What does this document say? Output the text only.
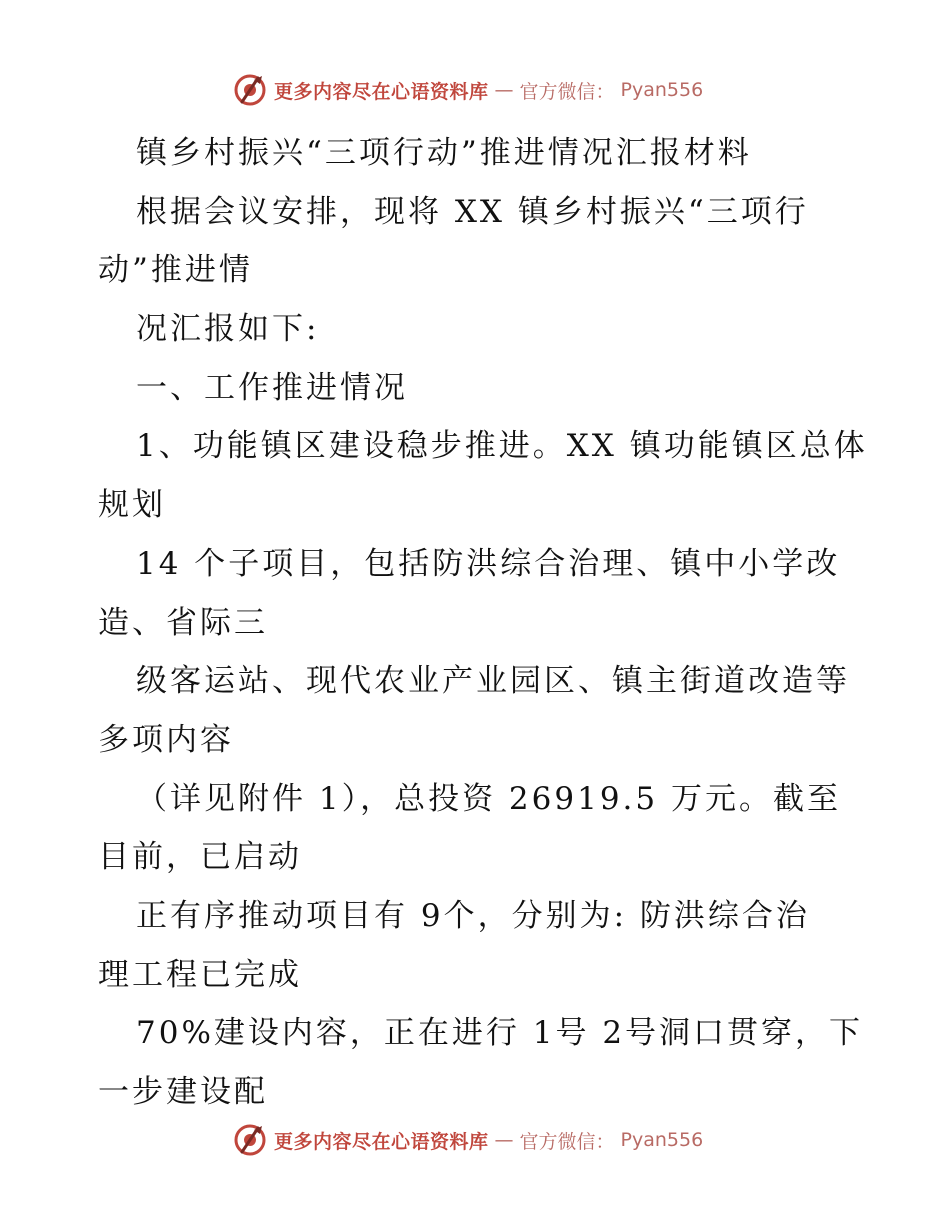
更多内容尽在心语资料库 — 官方微信： Pyan556
镇乡村振兴“三项行动”推进情况汇报材料
根据会议安排，现将 XX 镇乡村振兴“三项行
动”推进情
况汇报如下:
一、工作推进情况
1、功能镇区建设稳步推进。XX 镇功能镇区总体
规划
14 个子项目，包括防洪综合治理、镇中小学改
造、省际三
级客运站、现代农业产业园区、镇主街道改造等
多项内容
（详见附件 1），总投资 26919.5 万元。截至
目前，已启动
正有序推动项目有 9个，分别为: 防洪综合治
理工程已完成
70%建设内容，正在进行 1号 2号洞口贯穿，下
一步建设配
更多内容尽在心语资料库 — 官方微信： Pyan556
